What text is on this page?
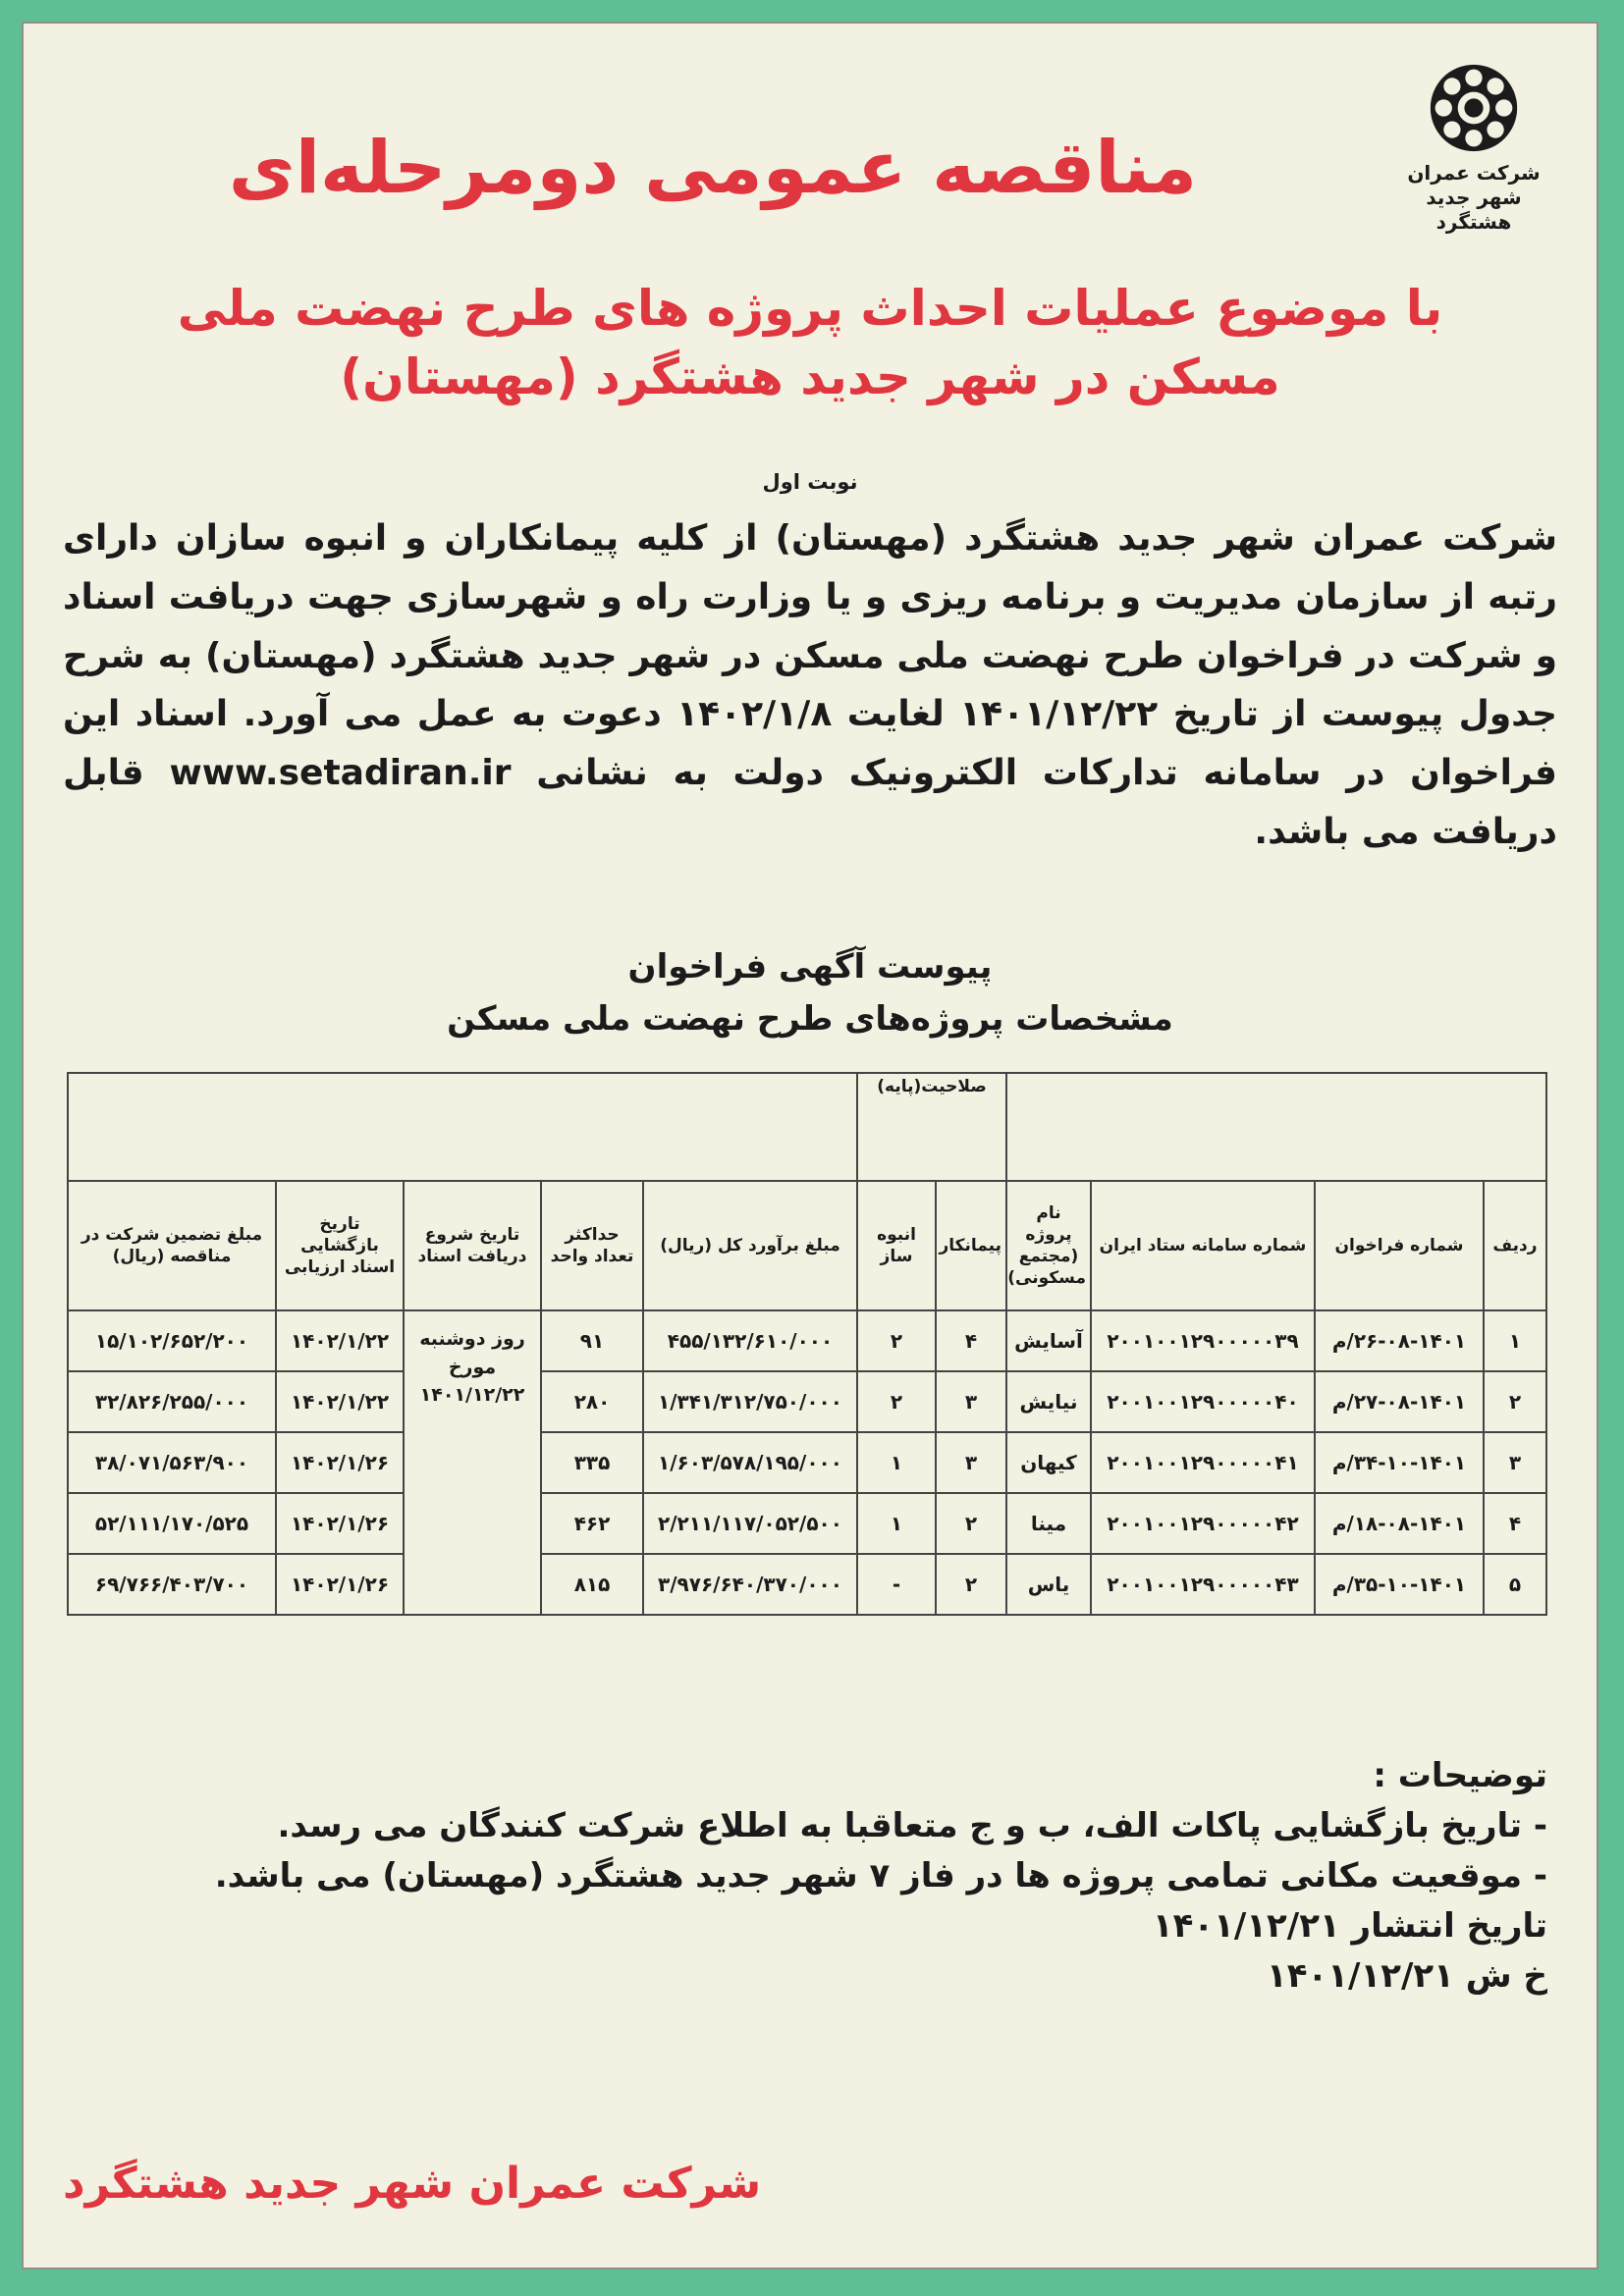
شرکت عمران
شهر جدید هشتگرد
مناقصه عمومی دومرحله‌ای
با موضوع عملیات احداث پروژه های طرح نهضت ملی
مسکن در شهر جدید هشتگرد (مهستان)
نوبت اول
شرکت عمران شهر جدید هشتگرد (مهستان) از کلیه پیمانکاران و انبوه سازان دارای رتبه از سازمان مدیریت و برنامه ریزی و یا وزارت راه و شهرسازی جهت دریافت اسناد و شرکت در فراخوان طرح نهضت ملی مسکن در شهر جدید هشتگرد (مهستان) به شرح جدول پیوست از تاریخ ۱۴۰۱/۱۲/۲۲ لغایت ۱۴۰۲/۱/۸ دعوت به عمل می آورد. اسناد این فراخوان در سامانه تدارکات الکترونیک دولت به نشانی www.setadiran.ir قابل دریافت می باشد.
پیوست آگهی فراخوان
مشخصات پروژه‌های طرح نهضت ملی مسکن
				صلاحیت(پایه)						
ردیف	شماره فراخوان	شماره سامانه ستاد ایران	نام پروژه (مجتمع مسکونی)	پیمانکار	انبوه ساز	مبلغ برآورد کل (ریال)	حداکثر تعداد واحد	تاریخ شروع دریافت اسناد	تاریخ بازگشایی اسناد ارزیابی	مبلغ تضمین شرکت در مناقصه (ریال)
۱	۲۶-۰۸-۱۴۰۱/م	۲۰۰۱۰۰۱۲۹۰۰۰۰۰۳۹	آسایش	۴	۲	۴۵۵/۱۳۲/۶۱۰/۰۰۰	۹۱	روز دوشنبه مورخ ۱۴۰۱/۱۲/۲۲	۱۴۰۲/۱/۲۲	۱۵/۱۰۲/۶۵۲/۲۰۰
۲	۲۷-۰۸-۱۴۰۱/م	۲۰۰۱۰۰۱۲۹۰۰۰۰۰۴۰	نیایش	۳	۲	۱/۳۴۱/۳۱۲/۷۵۰/۰۰۰	۲۸۰		۱۴۰۲/۱/۲۲	۳۲/۸۲۶/۲۵۵/۰۰۰
۳	۳۴-۱۰-۱۴۰۱/م	۲۰۰۱۰۰۱۲۹۰۰۰۰۰۴۱	کیهان	۳	۱	۱/۶۰۳/۵۷۸/۱۹۵/۰۰۰	۳۳۵		۱۴۰۲/۱/۲۶	۳۸/۰۷۱/۵۶۳/۹۰۰
۴	۱۸-۰۸-۱۴۰۱/م	۲۰۰۱۰۰۱۲۹۰۰۰۰۰۴۲	مینا	۲	۱	۲/۲۱۱/۱۱۷/۰۵۲/۵۰۰	۴۶۲		۱۴۰۲/۱/۲۶	۵۲/۱۱۱/۱۷۰/۵۲۵
۵	۳۵-۱۰-۱۴۰۱/م	۲۰۰۱۰۰۱۲۹۰۰۰۰۰۴۳	یاس	۲	-	۳/۹۷۶/۶۴۰/۳۷۰/۰۰۰	۸۱۵		۱۴۰۲/۱/۲۶	۶۹/۷۶۶/۴۰۳/۷۰۰
توضیحات :
- تاریخ بازگشایی پاکات الف، ب و ج متعاقبا به اطلاع شرکت کنندگان می رسد.
- موقعیت مکانی تمامی پروژه ها در فاز ۷ شهر جدید هشتگرد (مهستان) می باشد.
تاریخ انتشار ۱۴۰۱/۱۲/۲۱
خ ش ۱۴۰۱/۱۲/۲۱
شرکت عمران شهر جدید هشتگرد
